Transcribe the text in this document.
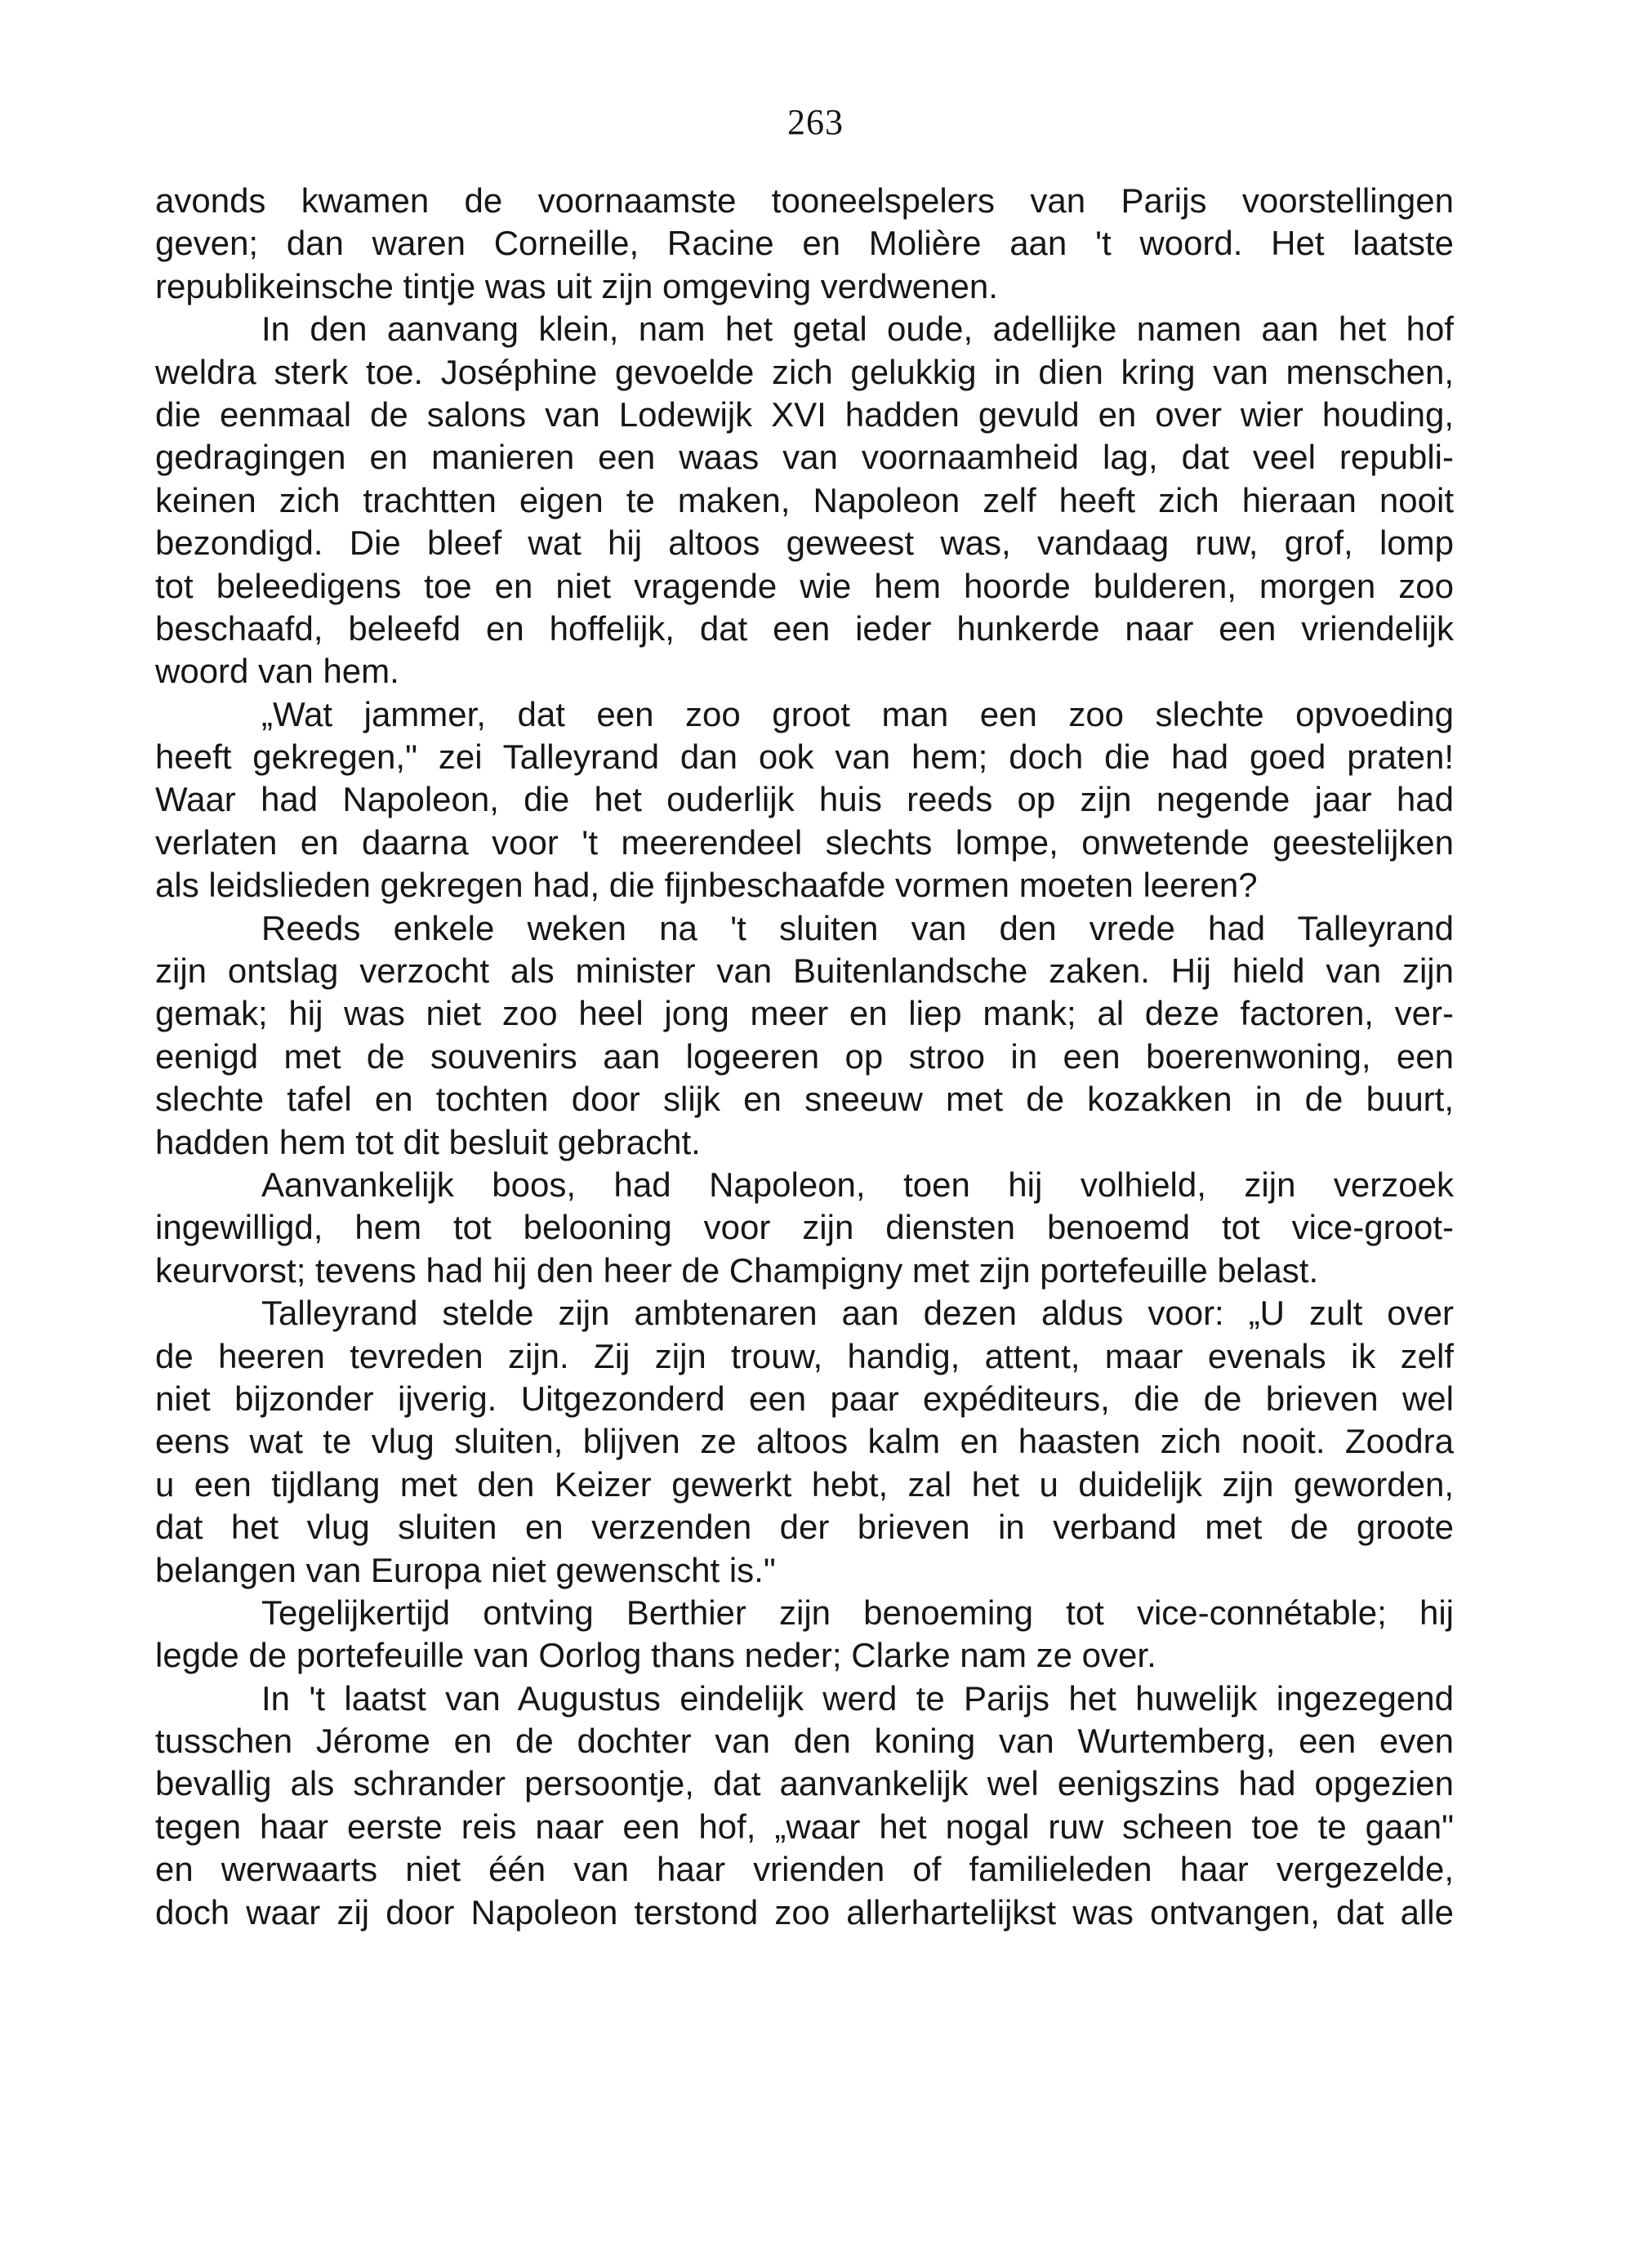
263
avonds kwamen de voornaamste tooneelspelers van Parijs voorstellingen
geven; dan waren Corneille, Racine en Molière aan 't woord. Het laatste
republikeinsche tintje was uit zijn omgeving verdwenen.
In den aanvang klein, nam het getal oude, adellijke namen aan het hof
weldra sterk toe. Joséphine gevoelde zich gelukkig in dien kring van menschen,
die eenmaal de salons van Lodewijk XVI hadden gevuld en over wier houding,
gedragingen en manieren een waas van voornaamheid lag, dat veel republi-
keinen zich trachtten eigen te maken, Napoleon zelf heeft zich hieraan nooit
bezondigd. Die bleef wat hij altoos geweest was, vandaag ruw, grof, lomp
tot beleedigens toe en niet vragende wie hem hoorde bulderen, morgen zoo
beschaafd, beleefd en hoffelijk, dat een ieder hunkerde naar een vriendelijk
woord van hem.
„Wat jammer, dat een zoo groot man een zoo slechte opvoeding
heeft gekregen," zei Talleyrand dan ook van hem; doch die had goed praten!
Waar had Napoleon, die het ouderlijk huis reeds op zijn negende jaar had
verlaten en daarna voor 't meerendeel slechts lompe, onwetende geestelijken
als leidslieden gekregen had, die fijnbeschaafde vormen moeten leeren?
Reeds enkele weken na 't sluiten van den vrede had Talleyrand
zijn ontslag verzocht als minister van Buitenlandsche zaken. Hij hield van zijn
gemak; hij was niet zoo heel jong meer en liep mank; al deze factoren, ver-
eenigd met de souvenirs aan logeeren op stroo in een boerenwoning, een
slechte tafel en tochten door slijk en sneeuw met de kozakken in de buurt,
hadden hem tot dit besluit gebracht.
Aanvankelijk boos, had Napoleon, toen hij volhield, zijn verzoek
ingewilligd, hem tot belooning voor zijn diensten benoemd tot vice-groot-
keurvorst; tevens had hij den heer de Champigny met zijn portefeuille belast.
Talleyrand stelde zijn ambtenaren aan dezen aldus voor: „U zult over
de heeren tevreden zijn. Zij zijn trouw, handig, attent, maar evenals ik zelf
niet bijzonder ijverig. Uitgezonderd een paar expéditeurs, die de brieven wel
eens wat te vlug sluiten, blijven ze altoos kalm en haasten zich nooit. Zoodra
u een tijdlang met den Keizer gewerkt hebt, zal het u duidelijk zijn geworden,
dat het vlug sluiten en verzenden der brieven in verband met de groote
belangen van Europa niet gewenscht is."
Tegelijkertijd ontving Berthier zijn benoeming tot vice-connétable; hij
legde de portefeuille van Oorlog thans neder; Clarke nam ze over.
In 't laatst van Augustus eindelijk werd te Parijs het huwelijk ingezegend
tusschen Jérome en de dochter van den koning van Wurtemberg, een even
bevallig als schrander persoontje, dat aanvankelijk wel eenigszins had opgezien
tegen haar eerste reis naar een hof, „waar het nogal ruw scheen toe te gaan"
en werwaarts niet één van haar vrienden of familieleden haar vergezelde,
doch waar zij door Napoleon terstond zoo allerhartelijkst was ontvangen, dat alle
